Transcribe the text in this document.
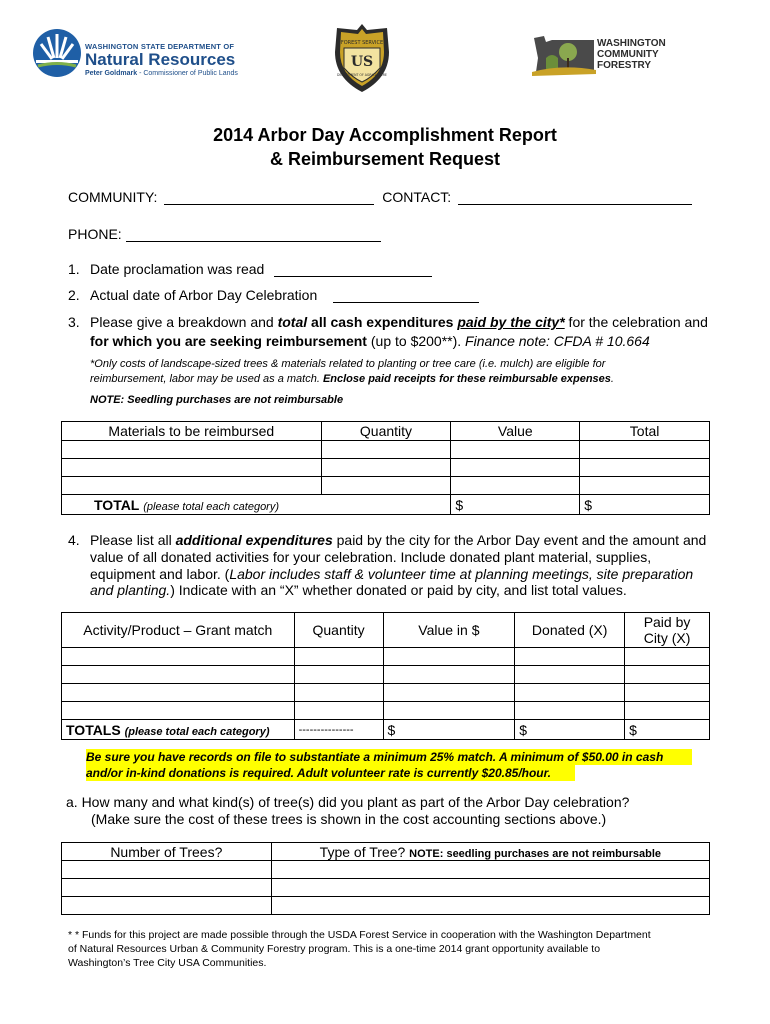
WASHINGTON STATE DEPARTMENT OF
Natural Resources
Peter Goldmark - Commissioner of Public Lands
FOREST SERVICE
US
DEPARTMENT OF AGRICULTURE
WASHINGTON
COMMUNITY
FORESTRY
2014 Arbor Day Accomplishment Report
& Reimbursement Request
COMMUNITY:	CONTACT:
PHONE:
1. Date proclamation was read
2. Actual date of Arbor Day Celebration
3. Please give a breakdown and total all cash expenditures paid by the city* for the celebration and
for which you are seeking reimbursement (up to $200**). Finance note: CFDA # 10.664
*Only costs of landscape-sized trees & materials related to planting or tree care (i.e. mulch) are eligible for
reimbursement, labor may be used as a match. Enclose paid receipts for these reimbursable expenses.
NOTE: Seedling purchases are not reimbursable
Materials to be reimbursed	Quantity	Value	Total

TOTAL (please total each category)		$	$
4. Please list all additional expenditures paid by the city for the Arbor Day event and the amount and
value of all donated activities for your celebration. Include donated plant material, supplies,
equipment and labor. (Labor includes staff & volunteer time at planning meetings, site preparation
and planting.) Indicate with an “X” whether donated or paid by city, and list total values.
Activity/Product – Grant match	Quantity	Value in $	Donated (X)	Paid by
City (X)

TOTALS (please total each category)	---------------	$	$	$
Be sure you have records on file to substantiate a minimum 25% match. A minimum of $50.00 in cash
and/or in-kind donations is required. Adult volunteer rate is currently $20.85/hour.
a. How many and what kind(s) of tree(s) did you plant as part of the Arbor Day celebration?
(Make sure the cost of these trees is shown in the cost accounting sections above.)
Number of Trees?	Type of Tree? NOTE: seedling purchases are not reimbursable

* * Funds for this project are made possible through the USDA Forest Service in cooperation with the Washington Department
of Natural Resources Urban & Community Forestry program. This is a one-time 2014 grant opportunity available to
Washington’s Tree City USA Communities.
